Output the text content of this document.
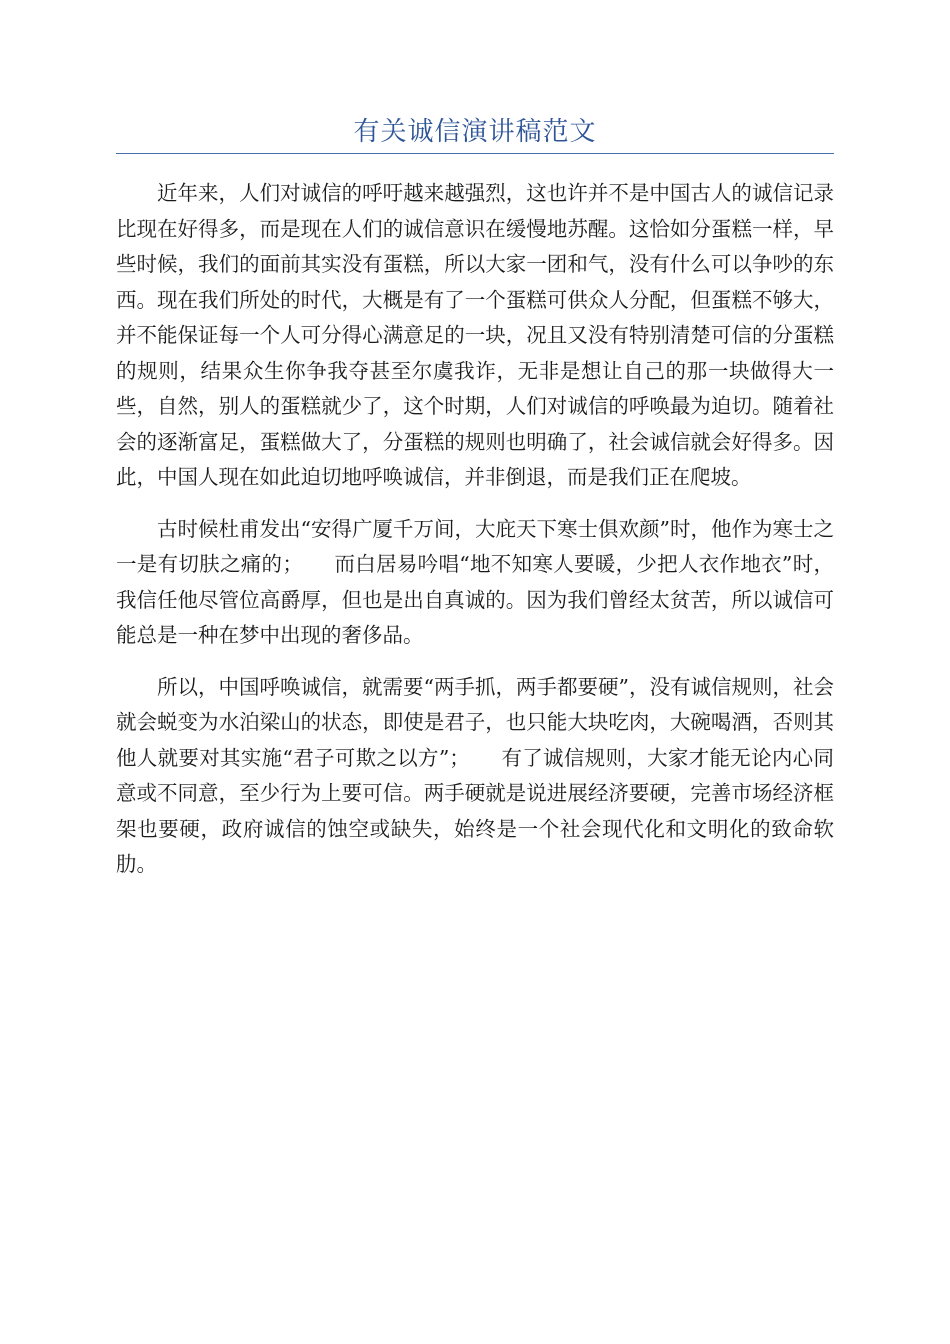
有关诚信演讲稿范文

近年来，人们对诚信的呼吁越来越强烈，这也许并不是中国古人的诚信记录比现在好得多，而是现在人们的诚信意识在缓慢地苏醒。这恰如分蛋糕一样，早些时候，我们的面前其实没有蛋糕，所以大家一团和气，没有什么可以争吵的东西。现在我们所处的时代，大概是有了一个蛋糕可供众人分配，但蛋糕不够大，并不能保证每一个人可分得心满意足的一块，况且又没有特别清楚可信的分蛋糕的规则，结果众生你争我夺甚至尔虞我诈，无非是想让自己的那一块做得大一些，自然，别人的蛋糕就少了，这个时期，人们对诚信的呼唤最为迫切。随着社会的逐渐富足，蛋糕做大了，分蛋糕的规则也明确了，社会诚信就会好得多。因此，中国人现在如此迫切地呼唤诚信，并非倒退，而是我们正在爬坡。

古时候杜甫发出“安得广厦千万间，大庇天下寒士俱欢颜”时，他作为寒士之一是有切肤之痛的；　　而白居易吟唱“地不知寒人要暖，少把人衣作地衣”时，我信任他尽管位高爵厚，但也是出自真诚的。因为我们曾经太贫苦，所以诚信可能总是一种在梦中出现的奢侈品。

所以，中国呼唤诚信，就需要“两手抓，两手都要硬”，没有诚信规则，社会就会蜕变为水泊梁山的状态，即使是君子，也只能大块吃肉，大碗喝酒，否则其他人就要对其实施“君子可欺之以方”；　　有了诚信规则，大家才能无论内心同意或不同意，至少行为上要可信。两手硬就是说进展经济要硬，完善市场经济框架也要硬，政府诚信的蚀空或缺失，始终是一个社会现代化和文明化的致命软肋。
